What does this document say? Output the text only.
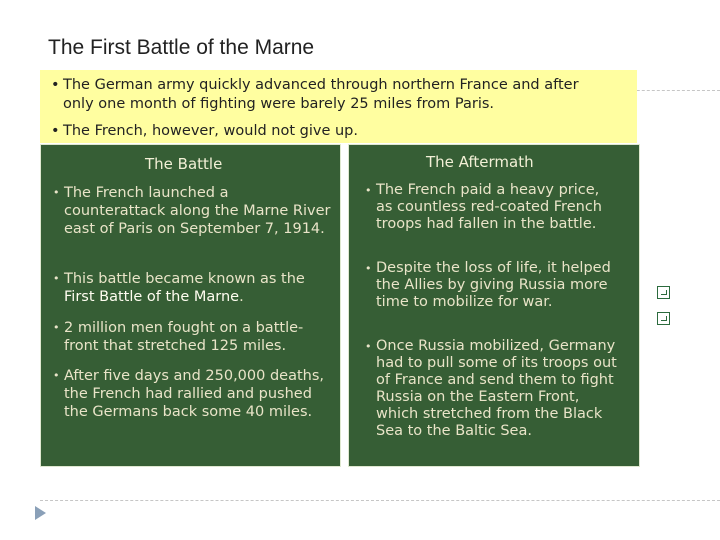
The First Battle of the Marne
• The German army quickly advanced through northern France and after only one month of fighting were barely 25 miles from Paris.
• The French, however, would not give up.
The Battle
• The French launched a counterattack along the Marne River east of Paris on September 7, 1914.
• This battle became known as the First Battle of the Marne.
• 2 million men fought on a battle-front that stretched 125 miles.
• After five days and 250,000 deaths, the French had rallied and pushed the Germans back some 40 miles.
The Aftermath
• The French paid a heavy price, as countless red-coated French troops had fallen in the battle.
• Despite the loss of life, it helped the Allies by giving Russia more time to mobilize for war.
• Once Russia mobilized, Germany had to pull some of its troops out of France and send them to fight Russia on the Eastern Front, which stretched from the Black Sea to the Baltic Sea.
